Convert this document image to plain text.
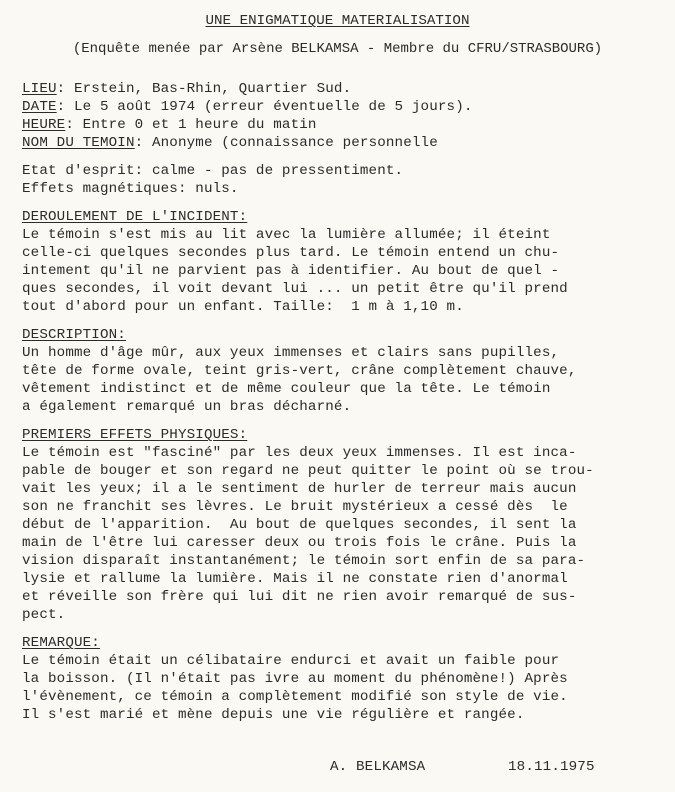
UNE ENIGMATIQUE MATERIALISATION
(Enquête menée par Arsène BELKAMSA - Membre du CFRU/STRASBOURG)
LIEU: Erstein, Bas-Rhin, Quartier Sud.
DATE: Le 5 août 1974 (erreur éventuelle de 5 jours).
HEURE: Entre 0 et 1 heure du matin
NOM DU TEMOIN: Anonyme (connaissance personnelle
Etat d'esprit: calme - pas de pressentiment.
Effets magnétiques: nuls.
DEROULEMENT DE L'INCIDENT:
Le témoin s'est mis au lit avec la lumière allumée; il éteint
celle-ci quelques secondes plus tard. Le témoin entend un chu-
intement qu'il ne parvient pas à identifier. Au bout de quel -
ques secondes, il voit devant lui ... un petit être qu'il prend
tout d'abord pour un enfant. Taille:  1 m à 1,10 m.
DESCRIPTION:
Un homme d'âge mûr, aux yeux immenses et clairs sans pupilles,
tête de forme ovale, teint gris-vert, crâne complètement chauve,
vêtement indistinct et de même couleur que la tête. Le témoin
a également remarqué un bras décharné.
PREMIERS EFFETS PHYSIQUES:
Le témoin est "fasciné" par les deux yeux immenses. Il est inca-
pable de bouger et son regard ne peut quitter le point où se trou-
vait les yeux; il a le sentiment de hurler de terreur mais aucun
son ne franchit ses lèvres. Le bruit mystérieux a cessé dès  le
début de l'apparition.  Au bout de quelques secondes, il sent la
main de l'être lui caresser deux ou trois fois le crâne. Puis la
vision disparaît instantanément; le témoin sort enfin de sa para-
lysie et rallume la lumière. Mais il ne constate rien d'anormal
et réveille son frère qui lui dit ne rien avoir remarqué de sus-
pect.
REMARQUE:
Le témoin était un célibataire endurci et avait un faible pour
la boisson. (Il n'était pas ivre au moment du phénomène!) Après
l'évènement, ce témoin a complètement modifié son style de vie.
Il s'est marié et mène depuis une vie régulière et rangée.
A. BELKAMSA	18.11.1975
